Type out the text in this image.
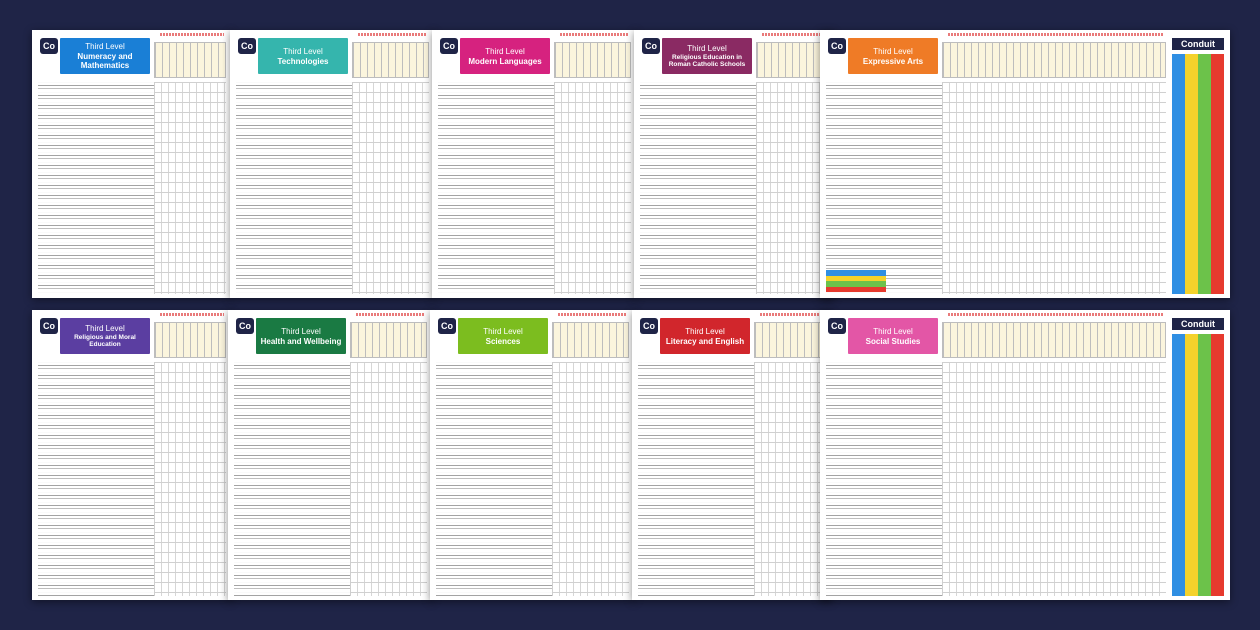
Co	Third Level
Numeracy and Mathematics
Co	Third Level
Technologies
Co	Third Level
Modern Languages
Co	Third Level
Religious Education in Roman Catholic Schools
Co	Third Level
Expressive Arts
Conduit
Co	Third Level
Religious and Moral Education
Co	Third Level
Health and Wellbeing
Co	Third Level
Sciences
Co	Third Level
Literacy and English
Co	Third Level
Social Studies
Conduit
